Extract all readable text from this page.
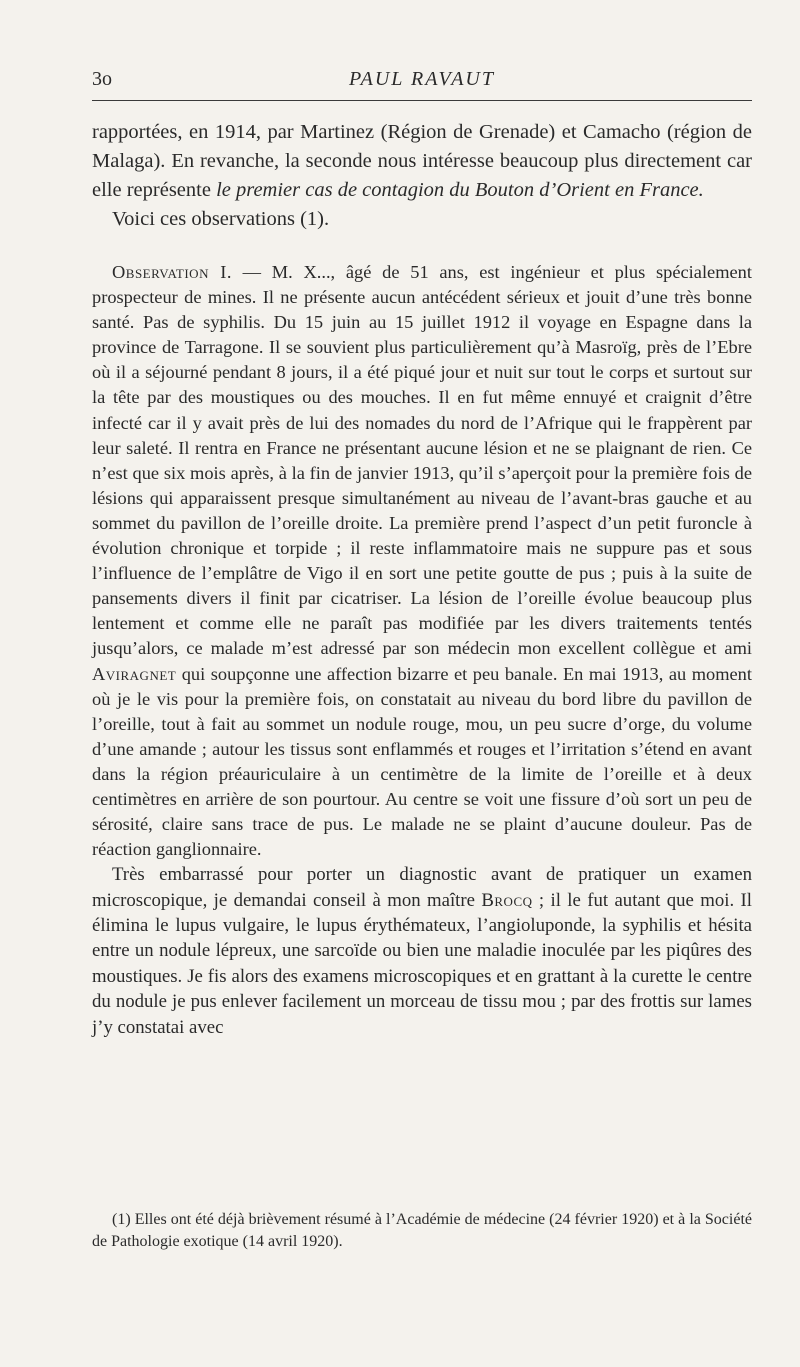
3o	PAUL RAVAUT

rapportées, en 1914, par Martinez (Région de Grenade) et Camacho (région de Malaga). En revanche, la seconde nous intéresse beaucoup plus directement car elle représente le premier cas de contagion du Bouton d’Orient en France.

Voici ces observations (1).

Observation I. — M. X..., âgé de 51 ans, est ingénieur et plus spécialement prospecteur de mines. Il ne présente aucun antécédent sérieux et jouit d’une très bonne santé. Pas de syphilis. Du 15 juin au 15 juillet 1912 il voyage en Espagne dans la province de Tarragone. Il se souvient plus particulièrement qu’à Masroïg, près de l’Ebre où il a séjourné pendant 8 jours, il a été piqué jour et nuit sur tout le corps et surtout sur la tête par des moustiques ou des mouches. Il en fut même ennuyé et craignit d’être infecté car il y avait près de lui des nomades du nord de l’Afrique qui le frappèrent par leur saleté. Il rentra en France ne présentant aucune lésion et ne se plaignant de rien. Ce n’est que six mois après, à la fin de janvier 1913, qu’il s’aperçoit pour la première fois de lésions qui apparaissent presque simultanément au niveau de l’avant-bras gauche et au sommet du pavillon de l’oreille droite. La première prend l’aspect d’un petit furoncle à évolution chronique et torpide ; il reste inflammatoire mais ne suppure pas et sous l’influence de l’emplâtre de Vigo il en sort une petite goutte de pus ; puis à la suite de pansements divers il finit par cicatriser. La lésion de l’oreille évolue beaucoup plus lentement et comme elle ne paraît pas modifiée par les divers traitements tentés jusqu’alors, ce malade m’est adressé par son médecin mon excellent collègue et ami Aviragnet qui soupçonne une affection bizarre et peu banale. En mai 1913, au moment où je le vis pour la première fois, on constatait au niveau du bord libre du pavillon de l’oreille, tout à fait au sommet un nodule rouge, mou, un peu sucre d’orge, du volume d’une amande ; autour les tissus sont enflammés et rouges et l’irritation s’étend en avant dans la région préauriculaire à un centimètre de la limite de l’oreille et à deux centimètres en arrière de son pourtour. Au centre se voit une fissure d’où sort un peu de sérosité, claire sans trace de pus. Le malade ne se plaint d’aucune douleur. Pas de réaction ganglionnaire.

Très embarrassé pour porter un diagnostic avant de pratiquer un examen microscopique, je demandai conseil à mon maître Brocq ; il le fut autant que moi. Il élimina le lupus vulgaire, le lupus érythémateux, l’angioluponde, la syphilis et hésita entre un nodule lépreux, une sarcoïde ou bien une maladie inoculée par les piqûres des moustiques. Je fis alors des examens microscopiques et en grattant à la curette le centre du nodule je pus enlever facilement un morceau de tissu mou ; par des frottis sur lames j’y constatai avec

(1) Elles ont été déjà brièvement résumé à l’Académie de médecine (24 février 1920) et à la Société de Pathologie exotique (14 avril 1920).
